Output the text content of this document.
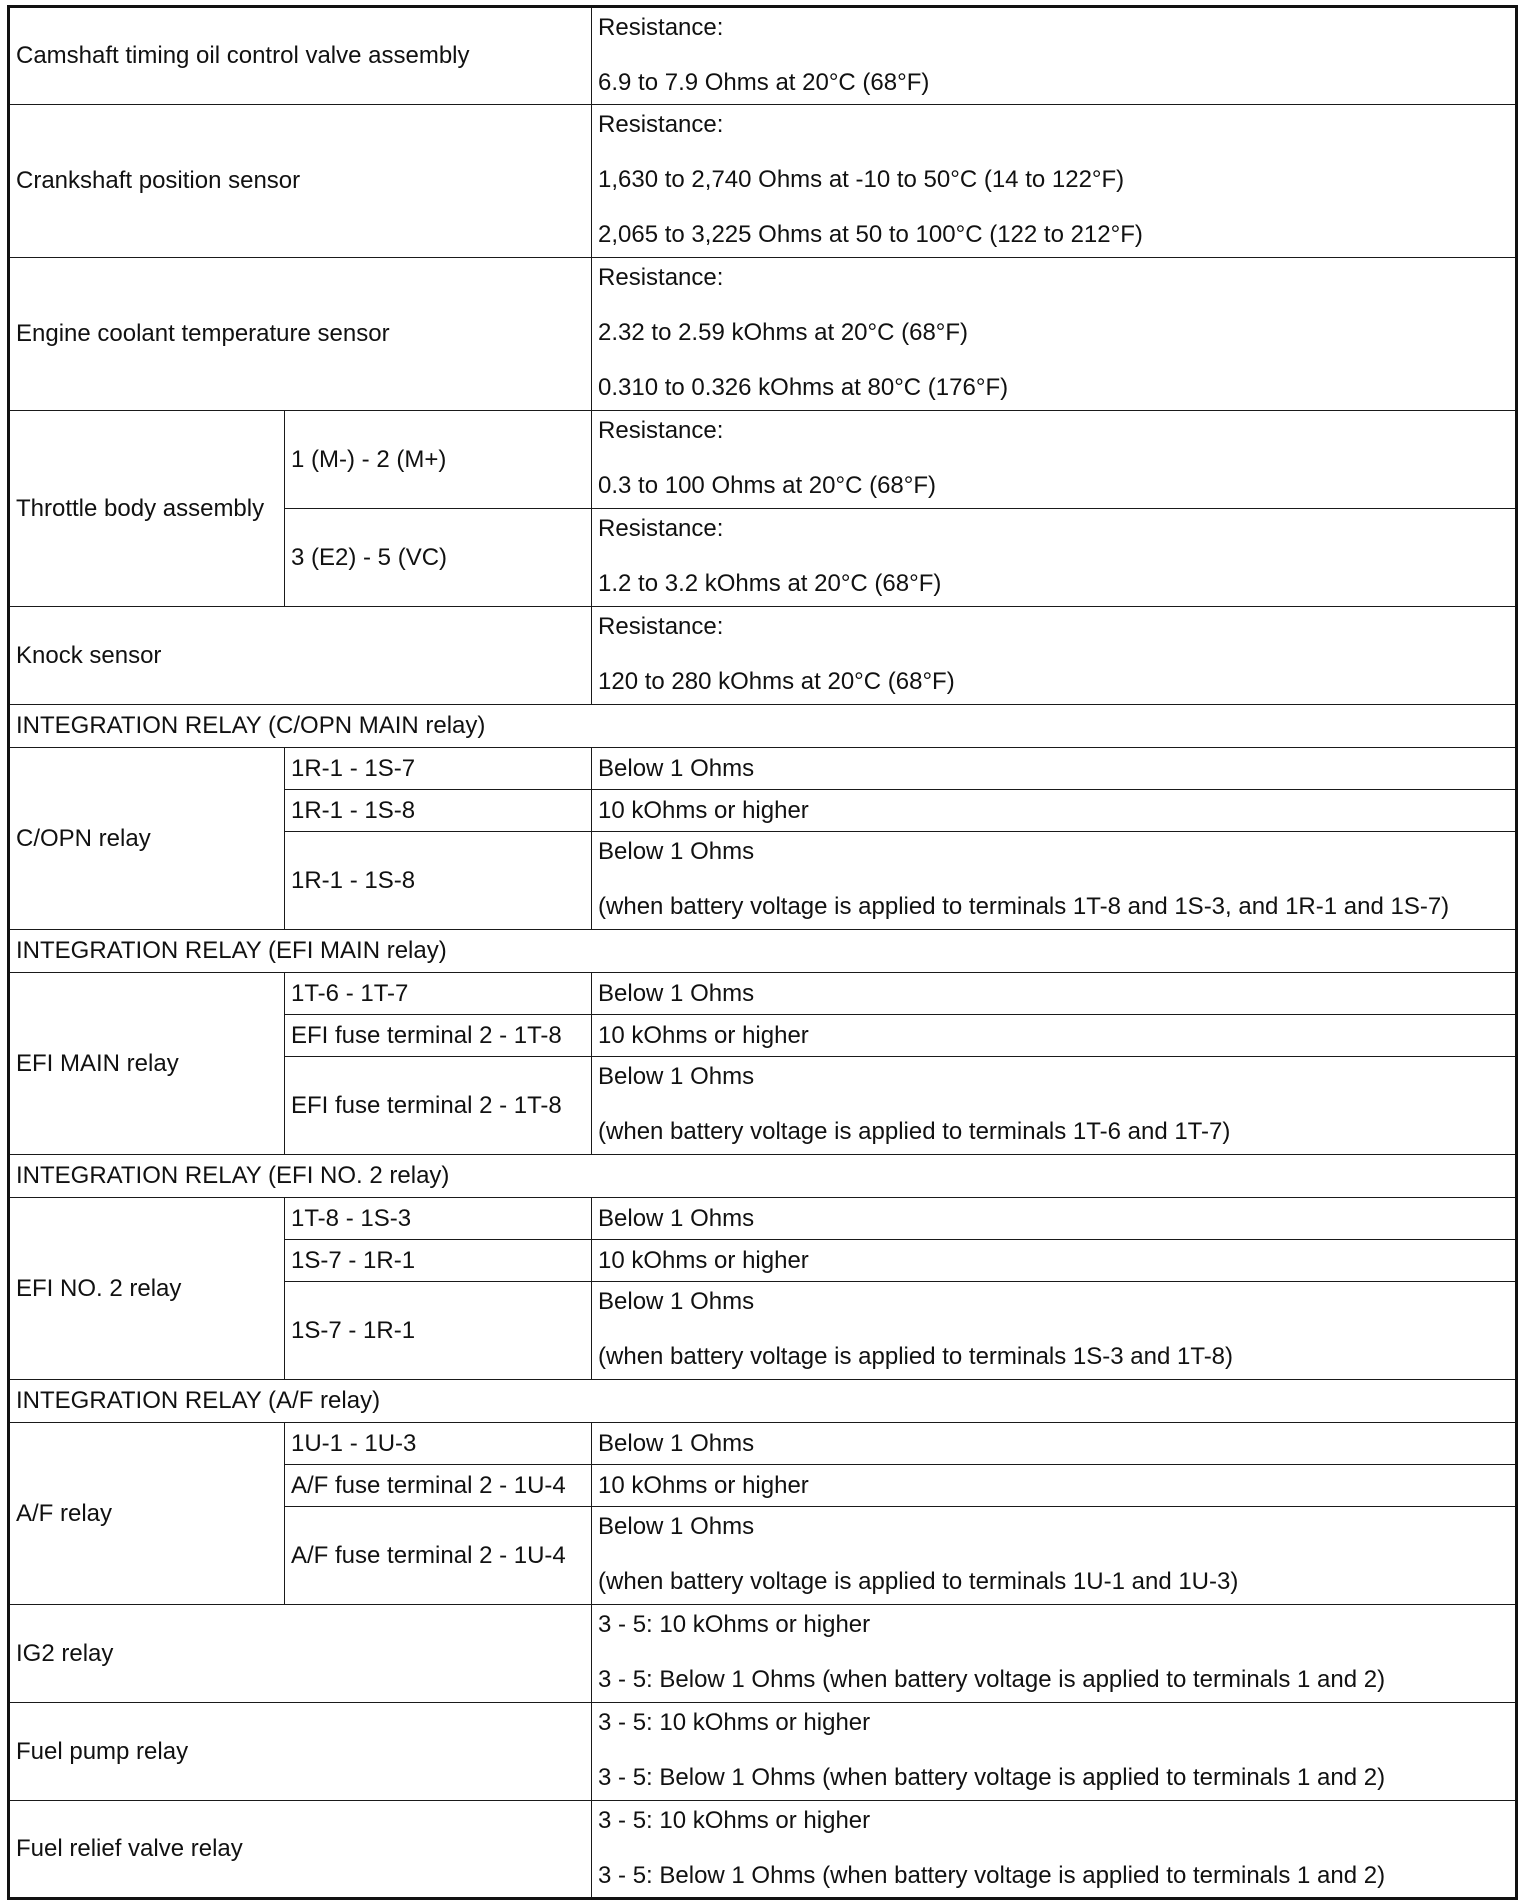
Camshaft timing oil control valve assembly		Resistance:
6.9 to 7.9 Ohms at 20°C (68°F)

Crankshaft position sensor		Resistance:
1,630 to 2,740 Ohms at -10 to 50°C (14 to 122°F)
2,065 to 3,225 Ohms at 50 to 100°C (122 to 212°F)

Engine coolant temperature sensor		Resistance:
2.32 to 2.59 kOhms at 20°C (68°F)
0.310 to 0.326 kOhms at 80°C (176°F)

Throttle body assembly	1 (M-) - 2 (M+)	Resistance:
0.3 to 100 Ohms at 20°C (68°F)

	3 (E2) - 5 (VC)	Resistance:
1.2 to 3.2 kOhms at 20°C (68°F)

Knock sensor		Resistance:
120 to 280 kOhms at 20°C (68°F)

INTEGRATION RELAY (C/OPN MAIN relay)		
C/OPN relay	1R-1 - 1S-7	Below 1 Ohms
	1R-1 - 1S-8	10 kOhms or higher
	1R-1 - 1S-8	Below 1 Ohms
(when battery voltage is applied to terminals 1T-8 and 1S-3, and 1R-1 and 1S-7)

INTEGRATION RELAY (EFI MAIN relay)		
EFI MAIN relay	1T-6 - 1T-7	Below 1 Ohms
	EFI fuse terminal 2 - 1T-8	10 kOhms or higher
	EFI fuse terminal 2 - 1T-8	Below 1 Ohms
(when battery voltage is applied to terminals 1T-6 and 1T-7)

INTEGRATION RELAY (EFI NO. 2 relay)		
EFI NO. 2 relay	1T-8 - 1S-3	Below 1 Ohms
	1S-7 - 1R-1	10 kOhms or higher
	1S-7 - 1R-1	Below 1 Ohms
(when battery voltage is applied to terminals 1S-3 and 1T-8)

INTEGRATION RELAY (A/F relay)		
A/F relay	1U-1 - 1U-3	Below 1 Ohms
	A/F fuse terminal 2 - 1U-4	10 kOhms or higher
	A/F fuse terminal 2 - 1U-4	Below 1 Ohms
(when battery voltage is applied to terminals 1U-1 and 1U-3)

IG2 relay		3 - 5: 10 kOhms or higher
3 - 5: Below 1 Ohms (when battery voltage is applied to terminals 1 and 2)

Fuel pump relay		3 - 5: 10 kOhms or higher
3 - 5: Below 1 Ohms (when battery voltage is applied to terminals 1 and 2)

Fuel relief valve relay		3 - 5: 10 kOhms or higher
3 - 5: Below 1 Ohms (when battery voltage is applied to terminals 1 and 2)
